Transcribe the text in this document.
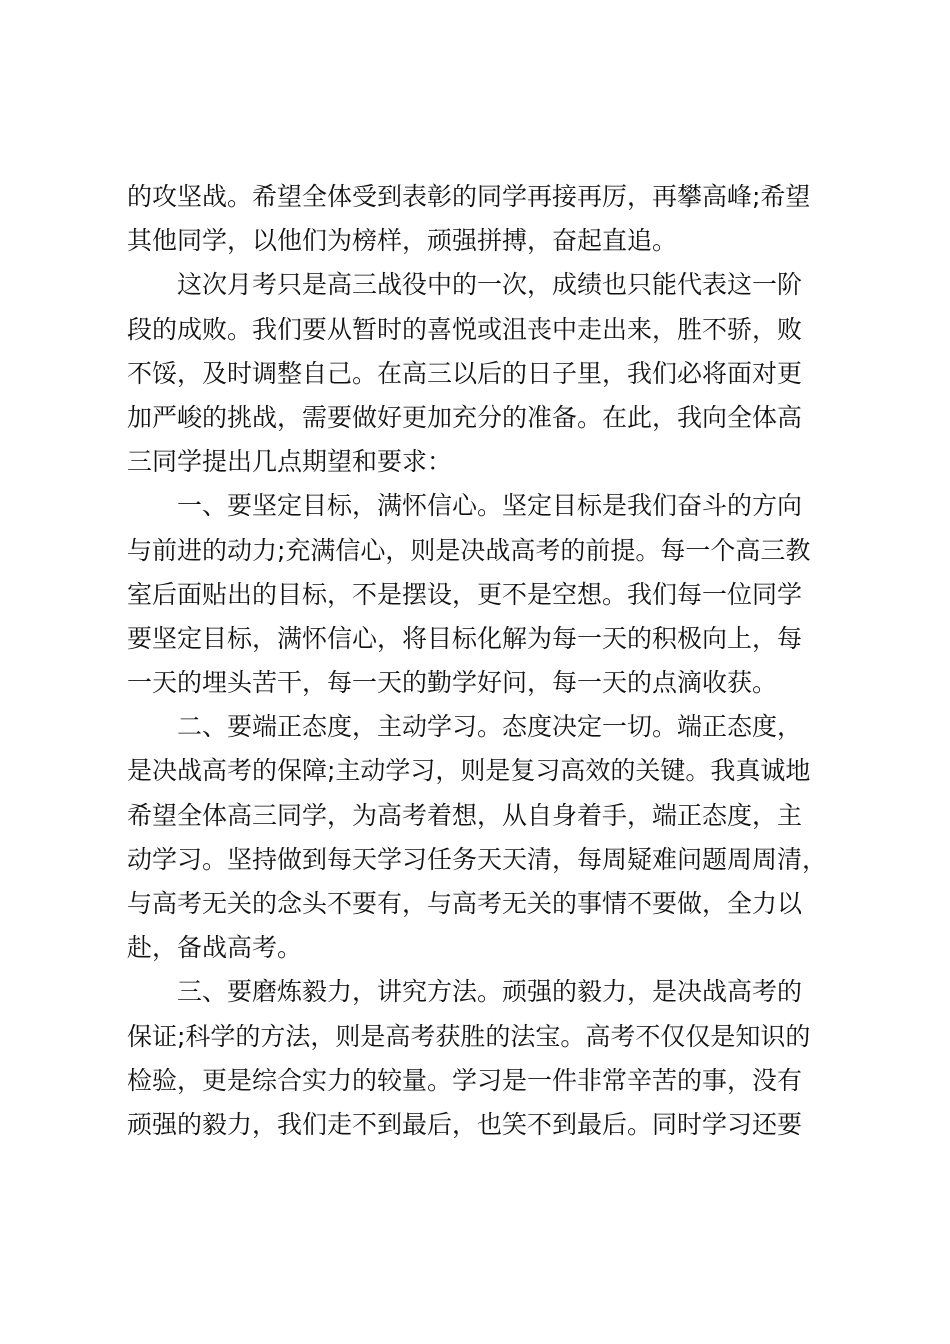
的攻坚战。希望全体受到表彰的同学再接再厉，再攀高峰;希望
其他同学，以他们为榜样，顽强拼搏，奋起直追。
　　这次月考只是高三战役中的一次，成绩也只能代表这一阶
段的成败。我们要从暂时的喜悦或沮丧中走出来，胜不骄，败
不馁，及时调整自己。在高三以后的日子里，我们必将面对更
加严峻的挑战，需要做好更加充分的准备。在此，我向全体高
三同学提出几点期望和要求：
　　一、要坚定目标，满怀信心。坚定目标是我们奋斗的方向
与前进的动力;充满信心，则是决战高考的前提。每一个高三教
室后面贴出的目标，不是摆设，更不是空想。我们每一位同学
要坚定目标，满怀信心，将目标化解为每一天的积极向上，每
一天的埋头苦干，每一天的勤学好问，每一天的点滴收获。
　　二、要端正态度，主动学习。态度决定一切。端正态度，
是决战高考的保障;主动学习，则是复习高效的关键。我真诚地
希望全体高三同学，为高考着想，从自身着手，端正态度，主
动学习。坚持做到每天学习任务天天清，每周疑难问题周周清，
与高考无关的念头不要有，与高考无关的事情不要做，全力以
赴，备战高考。
　　三、要磨炼毅力，讲究方法。顽强的毅力，是决战高考的
保证;科学的方法，则是高考获胜的法宝。高考不仅仅是知识的
检验，更是综合实力的较量。学习是一件非常辛苦的事，没有
顽强的毅力，我们走不到最后，也笑不到最后。同时学习还要
